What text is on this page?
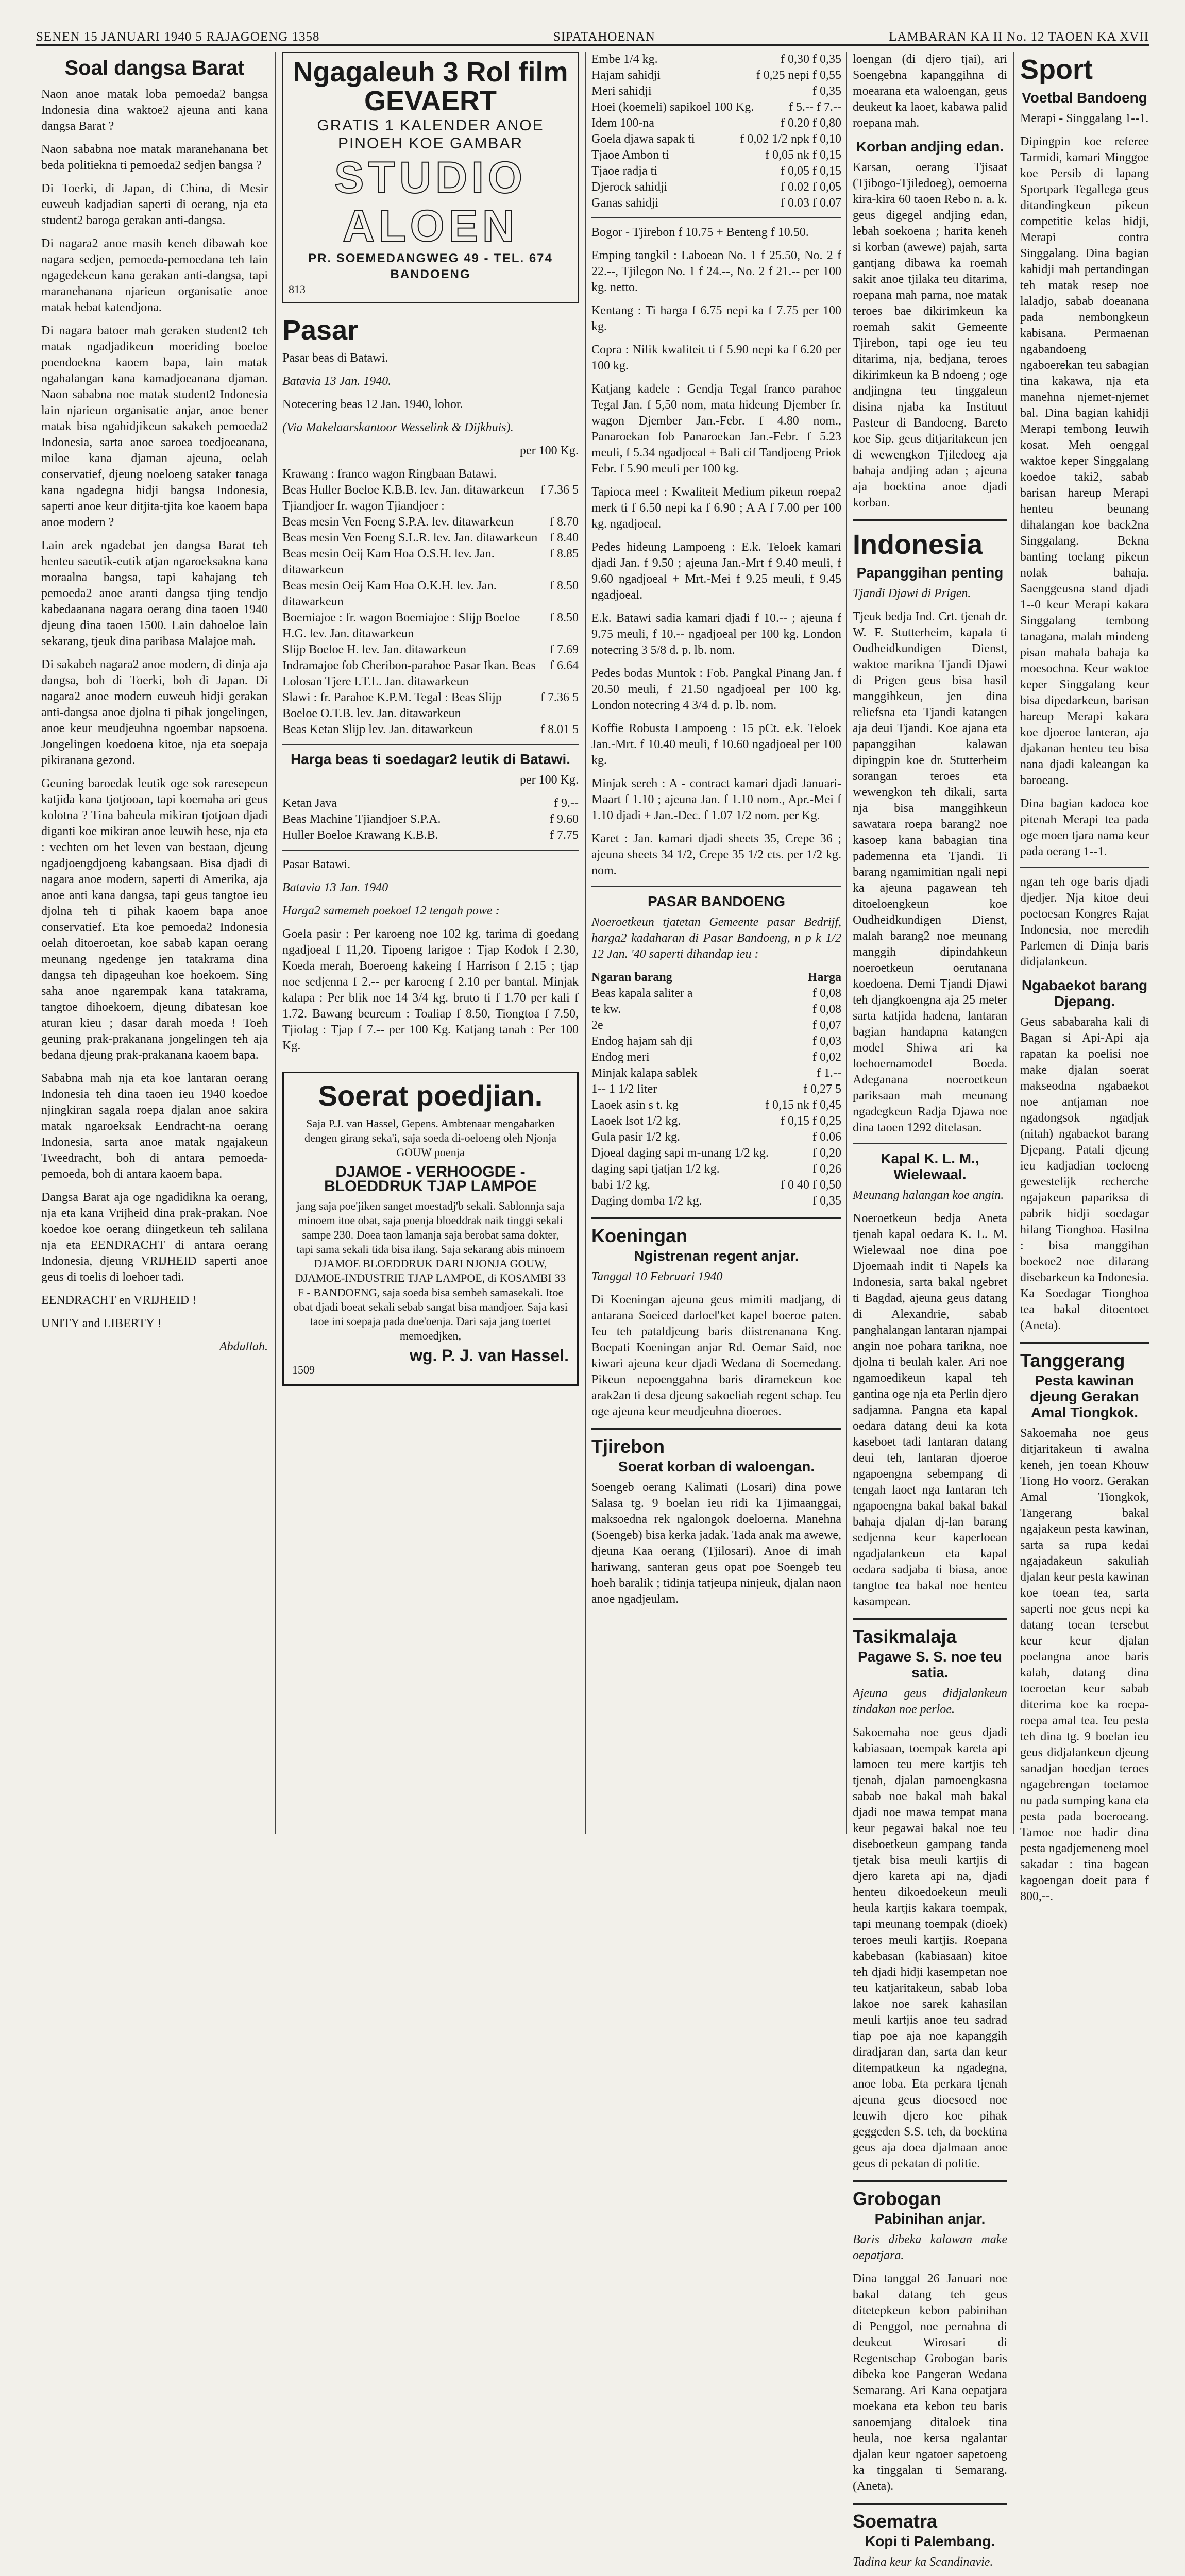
SENEN 15 JANUARI 1940 5 RAJAGOENG 1358	SIPATAHOENAN	LAMBARAN KA II No. 12 TAOEN KA XVII
Soal dangsa Barat

Naon anoe matak loba pemoeda2 bangsa Indonesia dina waktoe2 ajeuna anti kana dangsa Barat ?

Naon sababna noe matak maranehanana bet beda politiekna ti pemoeda2 sedjen bangsa ?

Di Toerki, di Japan, di China, di Mesir euweuh kadjadian saperti di oerang, nja eta student2 baroga gerakan anti-dangsa.

Di nagara2 anoe masih keneh dibawah koe nagara sedjen, pemoeda-pemoedana teh lain ngagedekeun kana gerakan anti-dangsa, tapi maranehanana njarieun organisatie anoe matak hebat katendjona.

Di nagara batoer mah geraken student2 teh matak ngadjadikeun moeriding boeloe poendoekna kaoem bapa, lain matak ngahalangan kana kamadjoeanana djaman. Naon sababna noe matak student2 Indonesia lain njarieun organisatie anjar, anoe bener matak bisa ngahidjikeun sakakeh pemoeda2 Indonesia, sarta anoe saroea toedjoeanana, miloe kana djaman ajeuna, oelah conservatief, djeung noeloeng sataker tanaga kana ngadegna hidji bangsa Indonesia, saperti anoe keur ditjita-tjita koe kaoem bapa anoe modern ?

Lain arek ngadebat jen dangsa Barat teh henteu saeutik-eutik atjan ngaroeksakna kana moraalna bangsa, tapi kahajang teh pemoeda2 anoe aranti dangsa tjing tendjo kabedaanana nagara oerang dina taoen 1940 djeung dina taoen 1500. Lain dahoeloe lain sekarang, tjeuk dina paribasa Malajoe mah.

Di sakabeh nagara2 anoe modern, di dinja aja dangsa, boh di Toerki, boh di Japan. Di nagara2 anoe modern euweuh hidji gerakan anti-dangsa anoe djolna ti pihak jongelingen, anoe keur meudjeuhna ngoembar napsoena. Jongelingen koedoena kitoe, nja eta soepaja pikiranana gezond.

Geuning baroedak leutik oge sok raresepeun katjida kana tjotjooan, tapi koemaha ari geus kolotna ? Tina baheula mikiran tjotjoan djadi diganti koe mikiran anoe leuwih hese, nja eta : vechten om het leven van bestaan, djeung ngadjoengdjoeng kabangsaan. Bisa djadi di nagara anoe modern, saperti di Amerika, aja anoe anti kana dangsa, tapi geus tangtoe ieu djolna teh ti pihak kaoem bapa anoe conservatief. Eta koe pemoeda2 Indonesia oelah ditoeroetan, koe sabab kapan oerang meunang ngedenge jen tatakrama dina dangsa teh dipageuhan koe hoekoem. Sing saha anoe ngarempak kana tatakrama, tangtoe dihoekoem, djeung dibatesan koe aturan kieu ; dasar darah moeda ! Toeh geuning prak-prakanana jongelingen teh aja bedana djeung prak-prakanana kaoem bapa.

Sababna mah nja eta koe lantaran oerang Indonesia teh dina taoen ieu 1940 koedoe njingkiran sagala roepa djalan anoe sakira matak ngaroeksak Eendracht-na oerang Indonesia, sarta anoe matak ngajakeun Tweedracht, boh di antara pemoeda-pemoeda, boh di antara kaoem bapa.

Dangsa Barat aja oge ngadidikna ka oerang, nja eta kana Vrijheid dina prak-prakan. Noe koedoe koe oerang diingetkeun teh salilana nja eta EENDRACHT di antara oerang Indonesia, djeung VRIJHEID saperti anoe geus di toelis di loehoer tadi.

EENDRACHT en VRIJHEID !

UNITY and LIBERTY !

Abdullah.

Ngagaleuh 3 Rol film
GEVAERT
GRATIS 1 KALENDER ANOE
PINOEH KOE GAMBAR
STUDIO ALOEN
PR. SOEMEDANGWEG 49 - TEL. 674
BANDOENG
813
Pasar

Pasar beas di Batawi.

Batavia 13 Jan. 1940.

Notecering beas 12 Jan. 1940, lohor.

(Via Makelaarskantoor Wesselink & Dijkhuis).

per 100 Kg.

Krawang : franco wagon Ringbaan Batawi.
Beas Huller Boeloe K.B.B. lev. Jan. ditawarkeun f 7.36 5
Tjiandjoer fr. wagon Tjiandjoer :
Beas mesin Ven Foeng S.P.A. lev. ditawarkeun	f 8.70
Beas mesin Ven Foeng S.L.R. lev. Jan. ditawarkeun f 8.40
Beas mesin Oeij Kam Hoa O.S.H. lev. Jan. ditawarkeun
f 8.85
Beas mesin Oeij Kam Hoa O.K.H. lev. Jan. ditawarkeun
f 8.50
Boemiajoe : fr. wagon Boemiajoe : Slijp Boeloe H.G. lev. Jan. ditawarkeun
f 8.50
Slijp Boeloe H. lev. Jan. ditawarkeun	f 7.69
Indramajoe fob Cheribon-parahoe Pasar Ikan. Beas Lolosan Tjere I.T.L. Jan. ditawarkeun
f 6.64
Slawi : fr. Parahoe K.P.M. Tegal : Beas Slijp Boeloe O.T.B. lev. Jan. ditawarkeun
f 7.36 5
Beas Ketan Slijp lev. Jan. ditawarkeun	f 8.01 5
Harga beas ti soedagar2 leutik di Batawi.

per 100 Kg.

Ketan Java	f 9.--
Beas Machine Tjiandjoer S.P.A.	f 9.60
Huller Boeloe Krawang K.B.B.	f 7.75

Pasar Batawi.

Batavia 13 Jan. 1940

Harga2 samemeh poekoel 12 tengah powe :

Goela pasir : Per karoeng noe 102 kg. tarima di goedang ngadjoeal f 11,20. Tipoeng larigoe : Tjap Kodok f 2.30, Koeda merah, Boeroeng kakeing f Harrison f 2.15 ; tjap noe sedjenna f 2.-- per karoeng f 2.10 per bantal. Minjak kalapa : Per blik noe 14 3/4 kg. bruto ti f 1.70 per kali f 1.72. Bawang beureum : Toaliap f 8.50, Tiongtoa f 7.50, Tjiolag : Tjap f 7.-- per 100 Kg. Katjang tanah : Per 100 Kg.

Soerat poedjian.
Saja P.J. van Hassel, Gepens. Ambtenaar mengabarken dengen girang seka'i, saja soeda di-oeloeng oleh Njonja GOUW poenja
DJAMOE - VERHOOGDE - BLOEDDRUK TJAP LAMPOE
jang saja poe'jiken sanget moestadj'b sekali. Sablonnja saja minoem itoe obat, saja poenja bloeddrak naik tinggi sekali sampe 230. Doea taon lamanja saja berobat sama dokter, tapi sama sekali tida bisa ilang. Saja sekarang abis minoem DJAMOE BLOEDDRUK DARI NJONJA GOUW, DJAMOE-INDUSTRIE TJAP LAMPOE, di KOSAMBI 33 F - BANDOENG, saja soeda bisa sembeh samasekali. Itoe obat djadi boeat sekali sebab sangat bisa mandjoer. Saja kasi taoe ini soepaja pada doe'oenja. Dari saja jang toertet memoedjken,
wg. P. J. van Hassel.
1509
Embe 1/4 kg.	f 0,30 f 0,35
Hajam sahidji	f 0,25 nepi f 0,55
Meri sahidji	f 0,35
Hoei (koemeli) sapikoel 100 Kg.	f 5.-- f 7.--
Idem 100-na	f 0.20 f 0,80
Goela djawa sapak ti	f 0,02 1/2 npk f 0,10
Tjaoe Ambon ti	f 0,05 nk f 0,15
Tjaoe radja ti	f 0,05 f 0,15
Djerock sahidji	f 0.02 f 0,05
Ganas sahidji	f 0.03 f 0.07

Bogor - Tjirebon f 10.75 + Benteng f 10.50.

Emping tangkil : Laboean No. 1 f 25.50, No. 2 f 22.--, Tjilegon No. 1 f 24.--, No. 2 f 21.-- per 100 kg. netto.

Kentang : Ti harga f 6.75 nepi ka f 7.75 per 100 kg.

Copra : Nilik kwaliteit ti f 5.90 nepi ka f 6.20 per 100 kg.

Katjang kadele : Gendja Tegal franco parahoe Tegal Jan. f 5,50 nom, mata hideung Djember fr. wagon Djember Jan.-Febr. f 4.80 nom., Panaroekan fob Panaroekan Jan.-Febr. f 5.23 meuli, f 5.34 ngadjoeal + Bali cif Tandjoeng Priok Febr. f 5.90 meuli per 100 kg.

Tapioca meel : Kwaliteit Medium pikeun roepa2 merk ti f 6.50 nepi ka f 6.90 ; A A f 7.00 per 100 kg. ngadjoeal.

Pedes hideung Lampoeng : E.k. Teloek kamari djadi Jan. f 9.50 ; ajeuna Jan.-Mrt f 9.40 meuli, f 9.60 ngadjoeal + Mrt.-Mei f 9.25 meuli, f 9.45 ngadjoeal.

E.k. Batawi sadia kamari djadi f 10.-- ; ajeuna f 9.75 meuli, f 10.-- ngadjoeal per 100 kg. London notecring 3 5/8 d. p. lb. nom.

Pedes bodas Muntok : Fob. Pangkal Pinang Jan. f 20.50 meuli, f 21.50 ngadjoeal per 100 kg. London notecring 4 3/4 d. p. lb. nom.

Koffie Robusta Lampoeng : 15 pCt. e.k. Teloek Jan.-Mrt. f 10.40 meuli, f 10.60 ngadjoeal per 100 kg.

Minjak sereh : A - contract kamari djadi Januari-Maart f 1.10 ; ajeuna Jan. f 1.10 nom., Apr.-Mei f 1.10 djadi + Jan.-Dec. f 1.07 1/2 nom. per Kg.

Karet : Jan. kamari djadi sheets 35, Crepe 36 ; ajeuna sheets 34 1/2, Crepe 35 1/2 cts. per 1/2 kg. nom.

PASAR BANDOENG

Noeroetkeun tjatetan Gemeente pasar Bedrijf, harga2 kadaharan di Pasar Bandoeng, n p k 1/2 12 Jan. '40 saperti dihandap ieu :

Ngaran barang	Harga
Beas kapala saliter a	f 0,08
te kw.	f 0,08
2e	f 0,07
Endog hajam sah dji	f 0,03
Endog meri	f 0,02
Minjak kalapa sablek	f 1.--
1-- 1 1/2 liter	f 0,27 5
Laoek asin s t. kg	f 0,15 nk f 0,45
Laoek lsot 1/2 kg.	f 0,15 f 0,25
Gula pasir 1/2 kg.	f 0.06
Djoeal daging sapi m-unang 1/2 kg.	f 0,20
daging sapi tjatjan 1/2 kg.	f 0,26
babi 1/2 kg.	f 0 40 f 0,50
Daging domba 1/2 kg.	f 0,35
Koeningan
Ngistrenan regent anjar.

Tanggal 10 Februari 1940

Di Koeningan ajeuna geus mimiti madjang, di antarana Soeiced darloel'ket kapel boeroe paten. Ieu teh pataldjeung baris diistrenanana Kng. Boepati Koeningan anjar Rd. Oemar Said, noe kiwari ajeuna keur djadi Wedana di Soemedang. Pikeun nepoenggahna baris diramekeun koe arak2an ti desa djeung sakoeliah regent schap. Ieu oge ajeuna keur meudjeuhna dioeroes.

Tjirebon
Soerat korban di waloengan.

Soengeb oerang Kalimati (Losari) dina powe Salasa tg. 9 boelan ieu ridi ka Tjimaanggai, maksoedna rek ngalongok doeloerna. Manehna (Soengeb) bisa kerka jadak. Tada anak ma awewe, djeuna Kaa oerang (Tjilosari). Anoe di imah hariwang, santeran geus opat poe Soengeb teu hoeh baralik ; tidinja tatjeupa ninjeuk, djalan naon anoe ngadjeulam.

loengan (di djero tjai), ari Soengebna kapanggihna di moearana eta waloengan, geus deukeut ka laoet, kabawa palid roepana mah.

Korban andjing edan.

Karsan, oerang Tjisaat (Tjibogo-Tjiledoeg), oemoerna kira-kira 60 taoen Rebo n. a. k. geus digegel andjing edan, lebah soekoena ; harita keneh si korban (awewe) pajah, sarta gantjang dibawa ka roemah sakit anoe tjilaka teu ditarima, roepana mah parna, noe matak teroes bae dikirimkeun ka roemah sakit Gemeente Tjirebon, tapi oge ieu teu ditarima, nja, bedjana, teroes dikirimkeun ka B ndoeng ; oge andjingna teu tinggaleun disina njaba ka Instituut Pasteur di Bandoeng. Bareto koe Sip. geus ditjaritakeun jen di wewengkon Tjiledoeg aja bahaja andjing adan ; ajeuna aja boektina anoe djadi korban.

Indonesia
Papanggihan penting

Tjandi Djawi di Prigen.

Tjeuk bedja Ind. Crt. tjenah dr. W. F. Stutterheim, kapala ti Oudheidkundigen Dienst, waktoe marikna Tjandi Djawi di Prigen geus bisa hasil manggihkeun, jen dina reliefsna eta Tjandi katangen aja deui Tjandi. Koe ajana eta papanggihan kalawan dipingpin koe dr. Stutterheim sorangan teroes eta wewengkon teh dikali, sarta nja bisa manggihkeun sawatara roepa barang2 noe kasoep kana babagian tina pademenna eta Tjandi. Ti barang ngamimitian ngali nepi ka ajeuna pagawean teh ditoeloengkeun koe Oudheidkundigen Dienst, malah barang2 noe meunang manggih dipindahkeun noeroetkeun oerutanana koedoena. Demi Tjandi Djawi teh djangkoengna aja 25 meter sarta katjida hadena, lantaran bagian handapna katangen model Shiwa ari ka loehoernamodel Boeda. Adeganana noeroetkeun pariksaan mah meunang ngadegkeun Radja Djawa noe dina taoen 1292 ditelasan.

Kapal K. L. M., Wielewaal.

Meunang halangan koe angin.

Noeroetkeun bedja Aneta tjenah kapal oedara K. L. M. Wielewaal noe dina poe Djoemaah indit ti Napels ka Indonesia, sarta bakal ngebret ti Bagdad, ajeuna geus datang di Alexandrie, sabab panghalangan lantaran njampai angin noe pohara tarikna, noe djolna ti beulah kaler. Ari noe ngamoedikeun kapal teh gantina oge nja eta Perlin djero sadjamna. Pangna eta kapal oedara datang deui ka kota kaseboet tadi lantaran datang deui teh, lantaran djoeroe ngapoengna sebempang di tengah laoet nga lantaran teh ngapoengna bakal bakal bakal bahaja djalan dj-lan barang sedjenna keur kaperloean ngadjalankeun eta kapal oedara sadjaba ti biasa, anoe tangtoe tea bakal noe henteu kasampean.

Tasikmalaja
Pagawe S. S. noe teu satia.

Ajeuna geus didjalankeun tindakan noe perloe.

Sakoemaha noe geus djadi kabiasaan, toempak kareta api lamoen teu mere kartjis teh tjenah, djalan pamoengkasna sabab noe bakal mah bakal djadi noe mawa tempat mana keur pegawai bakal noe teu diseboetkeun gampang tanda tjetak bisa meuli kartjis di djero kareta api na, djadi henteu dikoedoekeun meuli heula kartjis kakara toempak, tapi meunang toempak (dioek) teroes meuli kartjis. Roepana kabebasan (kabiasaan) kitoe teh djadi hidji kasempetan noe teu katjaritakeun, sabab loba lakoe noe sarek kahasilan meuli kartjis anoe teu sadrad tiap poe aja noe kapanggih diradjaran dan, sarta dan keur ditempatkeun ka ngadegna, anoe loba. Eta perkara tjenah ajeuna geus dioesoed noe leuwih djero koe pihak geggeden S.S. teh, da boektina geus aja doea djalmaan anoe geus di pekatan di politie.

Grobogan
Pabinihan anjar.

Baris dibeka kalawan make oepatjara.

Dina tanggal 26 Januari noe bakal datang teh geus ditetepkeun kebon pabinihan di Penggol, noe pernahna di deukeut Wirosari di Regentschap Grobogan baris dibeka koe Pangeran Wedana Semarang. Ari Kana oepatjara moekana eta kebon teu baris sanoemjang ditaloek tina heula, noe kersa ngalantar djalan keur ngatoer sapetoeng ka tinggalan ti Semarang. (Aneta).

Soematra
Kopi ti Palembang.

Tadina keur ka Scandinavie.

Sport
Voetbal Bandoeng

Merapi - Singgalang 1--1.

Dipingpin koe referee Tarmidi, kamari Minggoe koe Persib di lapang Sportpark Tegallega geus ditandingkeun pikeun competitie kelas hidji, Merapi contra Singgalang. Dina bagian kahidji mah pertandingan teh matak resep noe laladjo, sabab doeanana pada nembongkeun kabisana. Permaenan ngabandoeng ngaboerekan teu sabagian tina kakawa, nja eta manehna njemet-njemet bal. Dina bagian kahidji Merapi tembong leuwih kosat. Meh oenggal waktoe keper Singgalang koedoe taki2, sabab barisan hareup Merapi henteu beunang dihalangan koe back2na Singgalang. Bekna banting toelang pikeun nolak bahaja. Saenggeusna stand djadi 1--0 keur Merapi kakara Singgalang tembong tanagana, malah mindeng pisan mahala bahaja ka moesochna. Keur waktoe keper Singgalang keur bisa dipedarkeun, barisan hareup Merapi kakara koe djoeroe lanteran, aja djakanan henteu teu bisa nana djadi kaleangan ka baroeang.

Dina bagian kadoea koe pitenah Merapi tea pada oge moen tjara nama keur pada oerang 1--1.

ngan teh oge baris djadi djedjer. Nja kitoe deui poetoesan Kongres Rajat Indonesia, noe meredih Parlemen di Dinja baris didjalankeun.

Ngabaekot barang Djepang.

Geus sababaraha kali di Bagan si Api-Api aja rapatan ka poelisi noe make djalan soerat makseodna ngabaekot noe antjaman noe ngadongsok ngadjak (nitah) ngabaekot barang Djepang. Patali djeung ieu kadjadian toeloeng gewestelijk recherche ngajakeun papariksa di pabrik hidji soedagar hilang Tionghoa. Hasilna : bisa manggihan boekoe2 noe dilarang disebarkeun ka Indonesia. Ka Soedagar Tionghoa tea bakal ditoentoet (Aneta).

Tanggerang
Pesta kawinan djeung Gerakan Amal Tiongkok.

Sakoemaha noe geus ditjaritakeun ti awalna keneh, jen toean Khouw Tiong Ho voorz. Gerakan Amal Tiongkok, Tangerang bakal ngajakeun pesta kawinan, sarta sa rupa kedai ngajadakeun sakuliah djalan keur pesta kawinan koe toean tea, sarta saperti noe geus nepi ka datang toean tersebut keur keur djalan poelangna anoe baris kalah, datang dina toeroetan keur sabab diterima koe ka roepa-roepa amal tea. Ieu pesta teh dina tg. 9 boelan ieu geus didjalankeun djeung sanadjan hoedjan teroes ngagebrengan toetamoe nu pada sumping kana eta pesta pada boeroeang. Tamoe noe hadir dina pesta ngadjemeneng moel sakadar : tina bagean kagoengan doeit para f 800,--.
